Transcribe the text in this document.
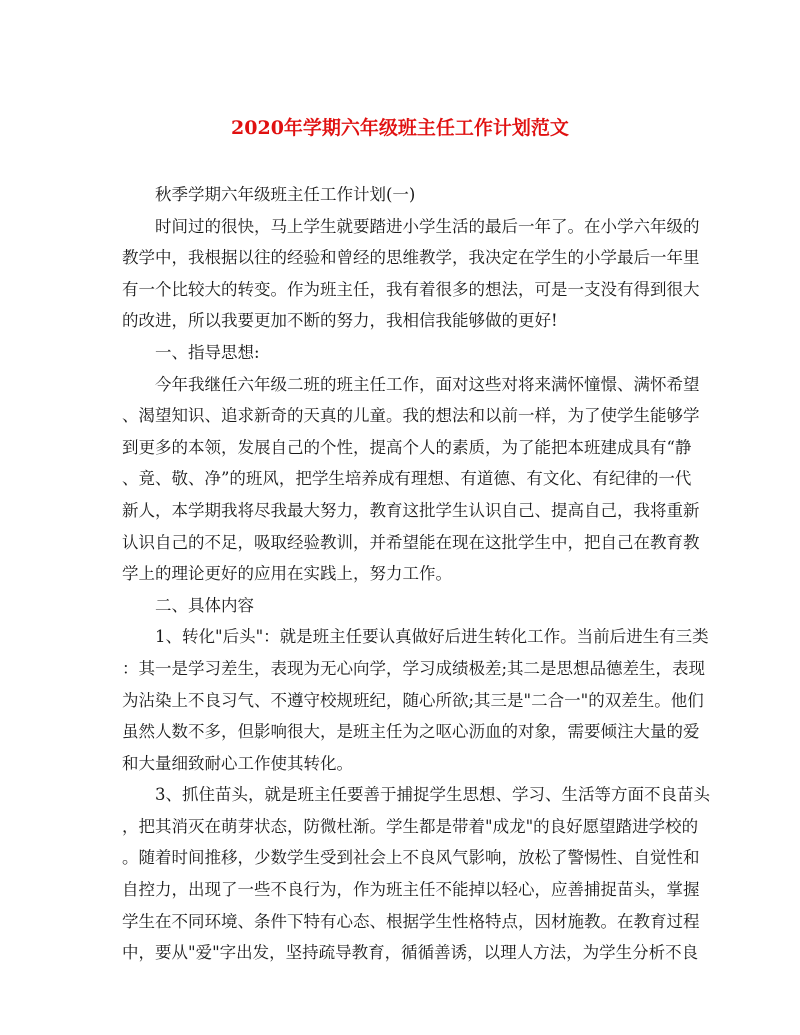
2020年学期六年级班主任工作计划范文
秋季学期六年级班主任工作计划(一)
时间过的很快，马上学生就要踏进小学生活的最后一年了。在小学六年级的
教学中，我根据以往的经验和曾经的思维教学，我决定在学生的小学最后一年里
有一个比较大的转变。作为班主任，我有着很多的想法，可是一支没有得到很大
的改进，所以我要更加不断的努力，我相信我能够做的更好!
一、指导思想:
今年我继任六年级二班的班主任工作，面对这些对将来满怀憧憬、满怀希望
、渴望知识、追求新奇的天真的儿童。我的想法和以前一样，为了使学生能够学
到更多的本领，发展自己的个性，提高个人的素质，为了能把本班建成具有“静
、竟、敬、净”的班风，把学生培养成有理想、有道德、有文化、有纪律的一代
新人，本学期我将尽我最大努力，教育这批学生认识自己、提高自己，我将重新
认识自己的不足，吸取经验教训，并希望能在现在这批学生中，把自己在教育教
学上的理论更好的应用在实践上，努力工作。
二、具体内容
1、转化"后头"：就是班主任要认真做好后进生转化工作。当前后进生有三类
：其一是学习差生，表现为无心向学，学习成绩极差;其二是思想品德差生，表现
为沾染上不良习气、不遵守校规班纪，随心所欲;其三是"二合一"的双差生。他们
虽然人数不多，但影响很大，是班主任为之呕心沥血的对象，需要倾注大量的爱
和大量细致耐心工作使其转化。
3、抓住苗头，就是班主任要善于捕捉学生思想、学习、生活等方面不良苗头
，把其消灭在萌芽状态，防微杜渐。学生都是带着"成龙"的良好愿望踏进学校的
。随着时间推移，少数学生受到社会上不良风气影响，放松了警惕性、自觉性和
自控力，出现了一些不良行为，作为班主任不能掉以轻心，应善捕捉苗头，掌握
学生在不同环境、条件下特有心态、根据学生性格特点，因材施教。在教育过程
中，要从"爱"字出发，坚持疏导教育，循循善诱，以理人方法，为学生分析不良
